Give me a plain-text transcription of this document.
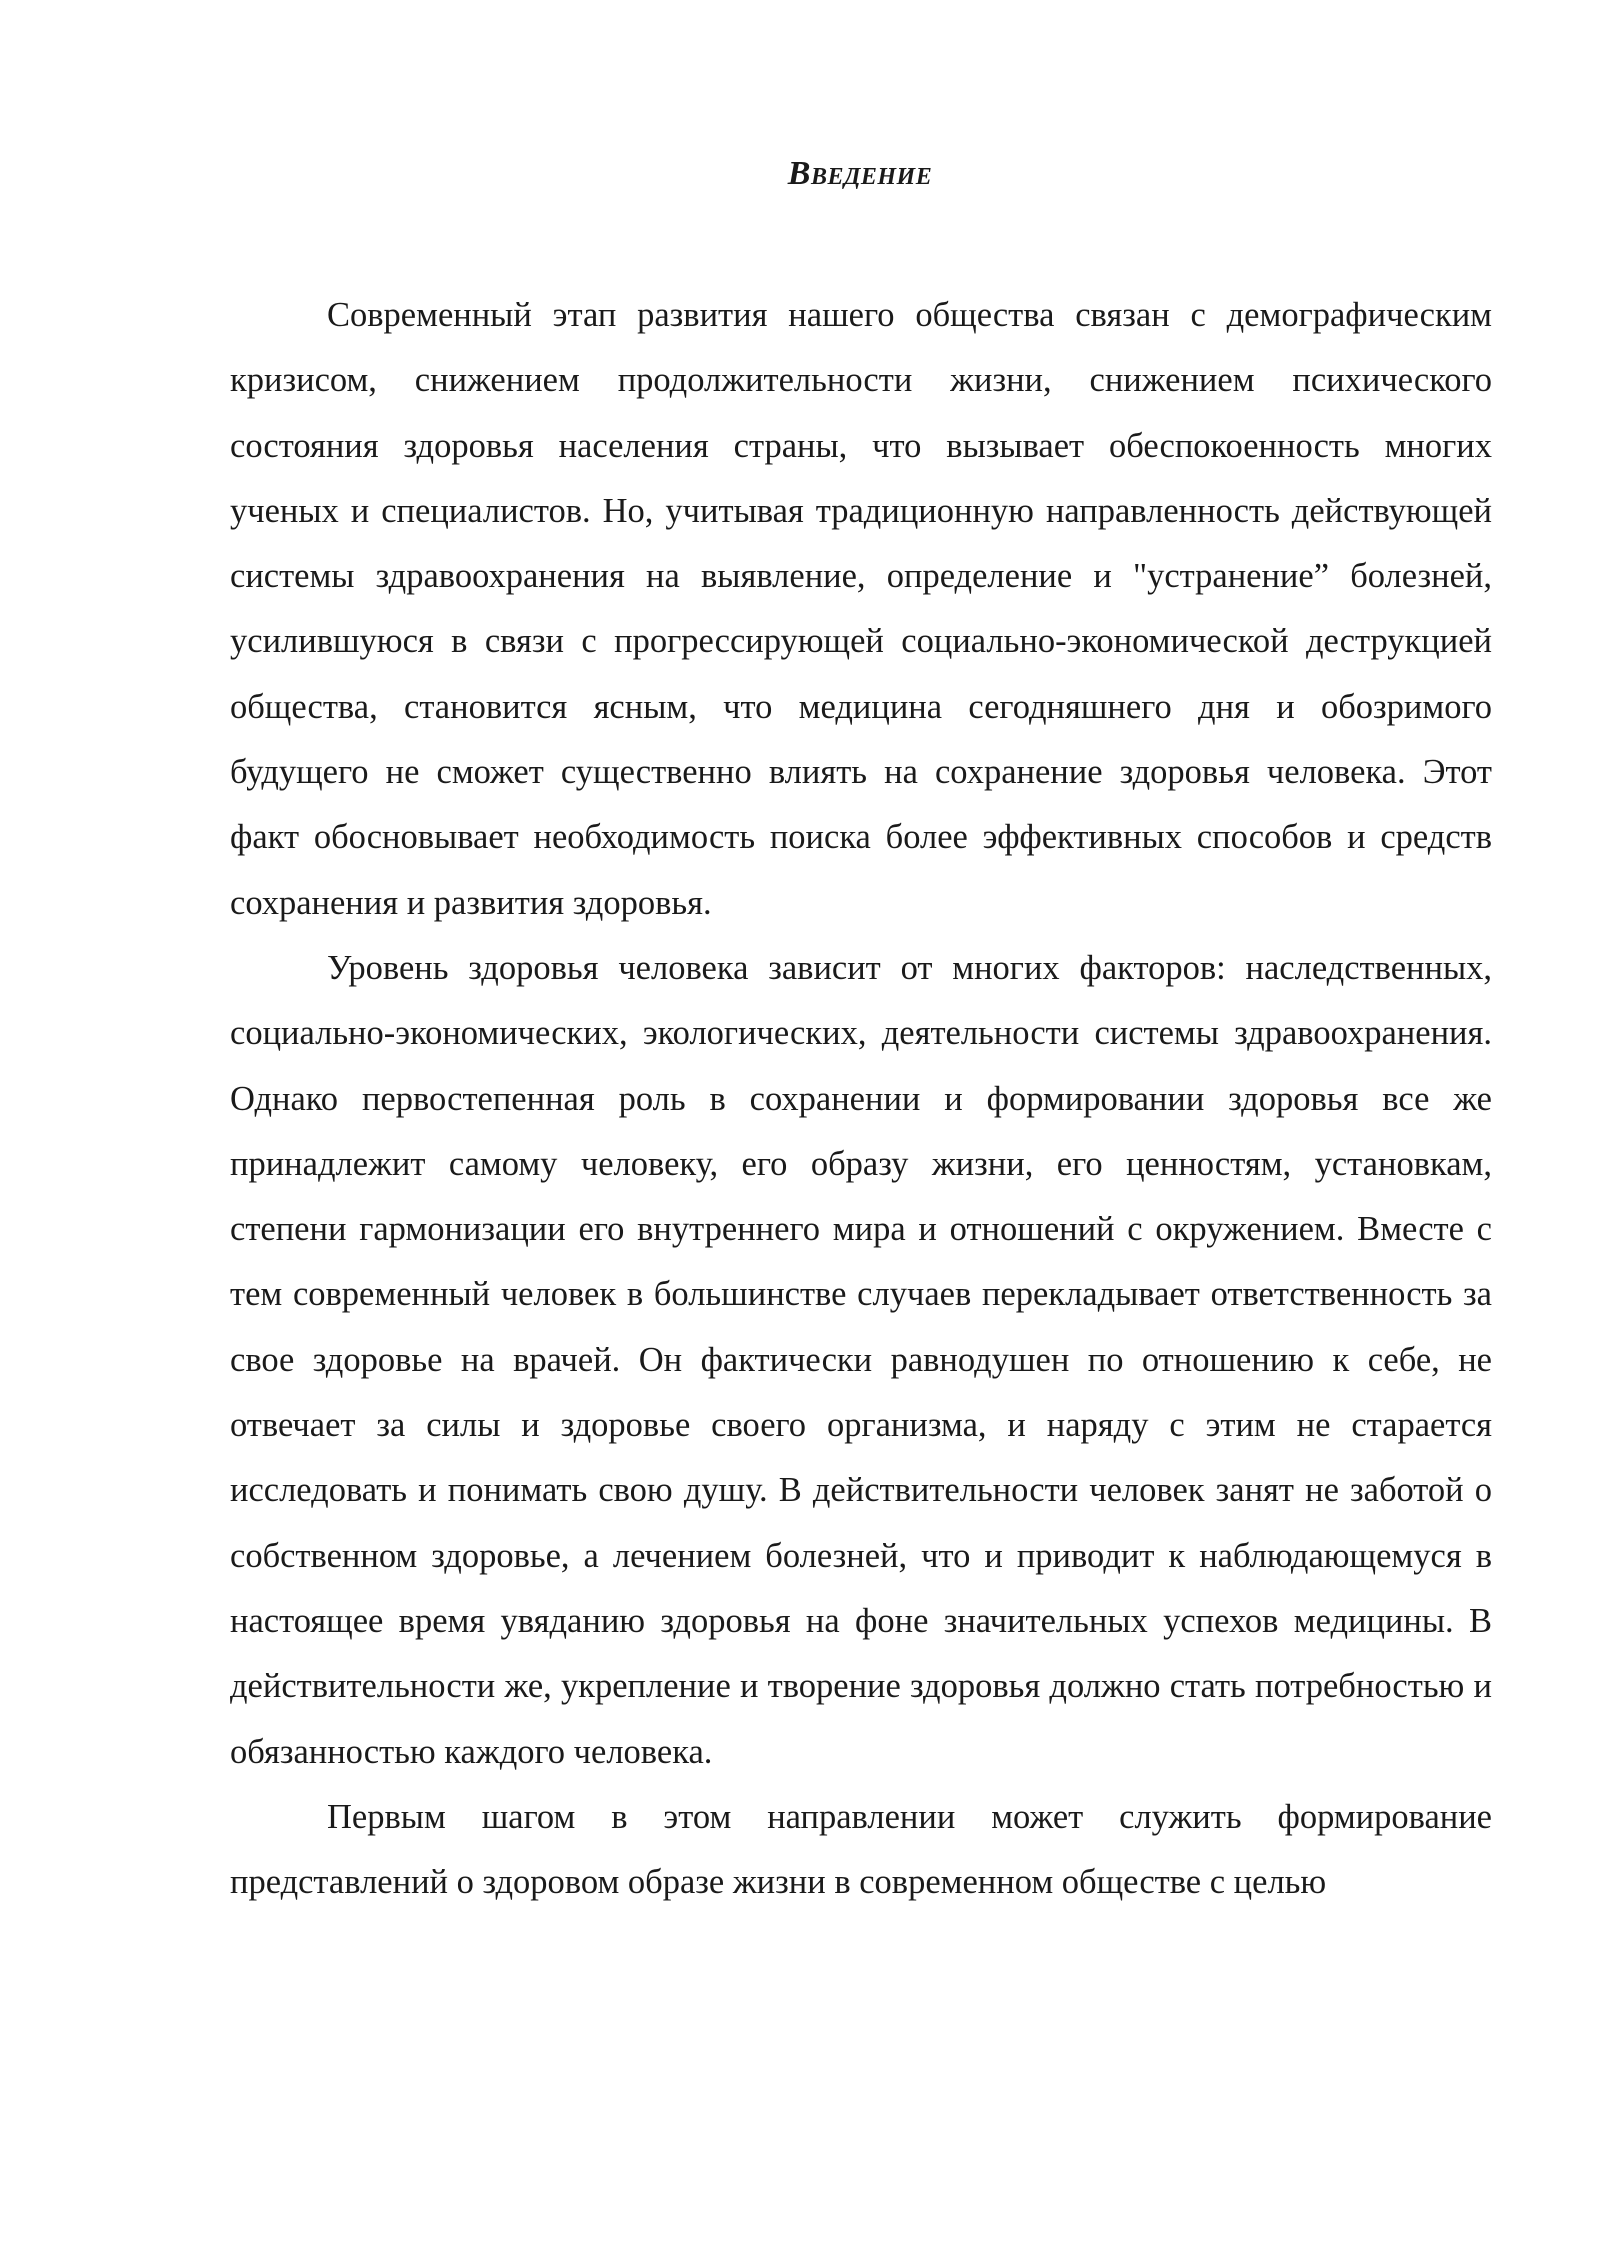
Введение

Современный этап развития нашего общества связан с демографическим кризисом, снижением продолжительности жизни, снижением психического состояния здоровья населения страны, что вызывает обеспокоенность многих ученых и специалистов. Но, учитывая традиционную направленность действующей системы здравоохранения на выявление, определение и "устранение” болезней, усилившуюся в связи с прогрессирующей социально-экономической деструкцией общества, становится ясным, что медицина сегодняшнего дня и обозримого будущего не сможет существенно влиять на сохранение здоровья человека. Этот факт обосновывает необходимость поиска более эффективных способов и средств сохранения и развития здоровья.

Уровень здоровья человека зависит от многих факторов: наследственных, социально-экономических, экологических, деятельности системы здравоохранения. Однако первостепенная роль в сохранении и формировании здоровья все же принадлежит самому человеку, его образу жизни, его ценностям, установкам, степени гармонизации его внутреннего мира и отношений с окружением. Вместе с тем современный человек в большинстве случаев перекладывает ответственность за свое здоровье на врачей. Он фактически равнодушен по отношению к себе, не отвечает за силы и здоровье своего организма, и наряду с этим не старается исследовать и понимать свою душу. В действительности человек занят не заботой о собственном здоровье, а лечением болезней, что и приводит к наблюдающемуся в настоящее время увяданию здоровья на фоне значительных успехов медицины. В действительности же, укрепление и творение здоровья должно стать потребностью и обязанностью каждого человека.

Первым шагом в этом направлении может служить формирование представлений о здоровом образе жизни в современном обществе с целью
